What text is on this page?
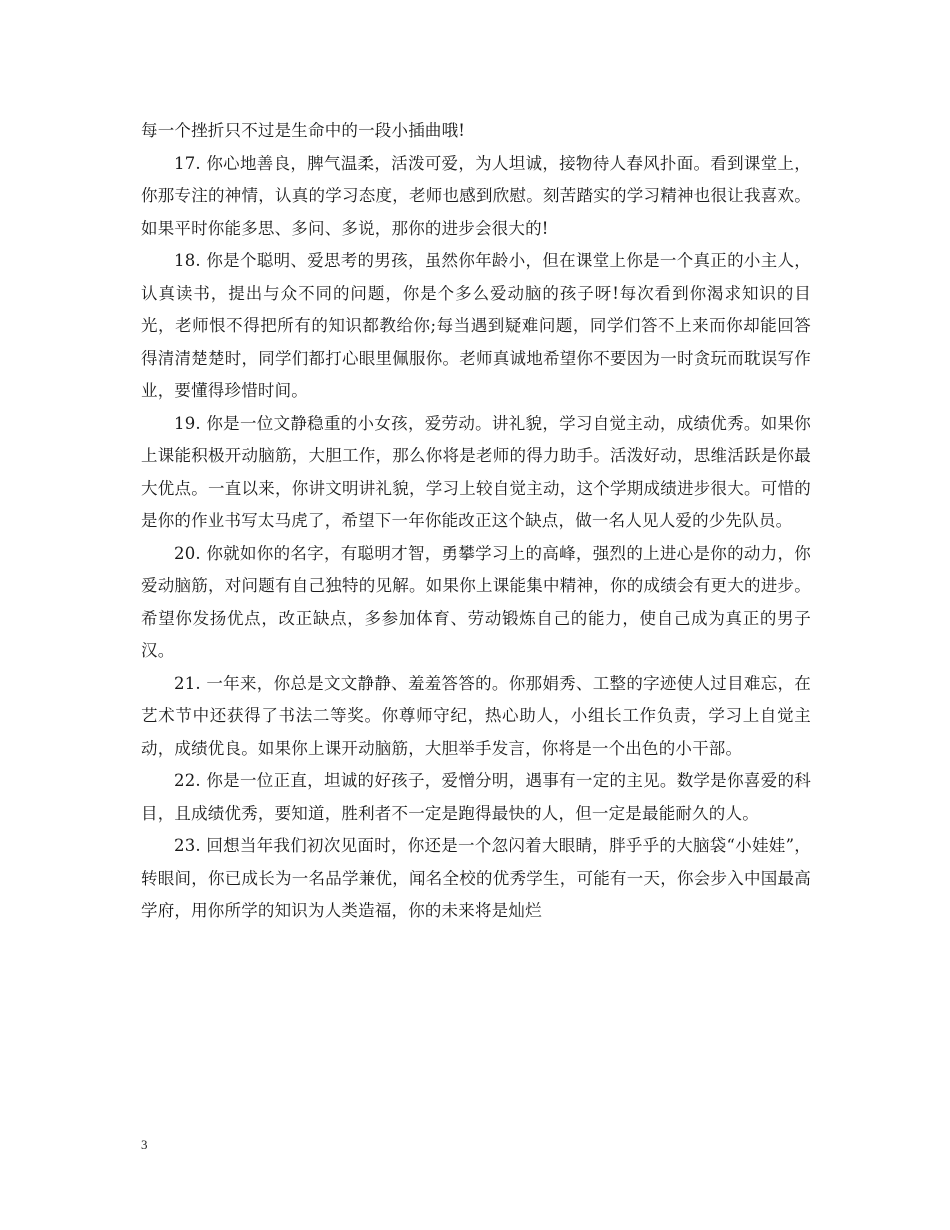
每一个挫折只不过是生命中的一段小插曲哦!

17. 你心地善良，脾气温柔，活泼可爱，为人坦诚，接物待人春风扑面。看到课堂上，你那专注的神情，认真的学习态度，老师也感到欣慰。刻苦踏实的学习精神也很让我喜欢。如果平时你能多思、多问、多说，那你的进步会很大的!

18. 你是个聪明、爱思考的男孩，虽然你年龄小，但在课堂上你是一个真正的小主人，认真读书，提出与众不同的问题，你是个多么爱动脑的孩子呀!每次看到你渴求知识的目光，老师恨不得把所有的知识都教给你;每当遇到疑难问题，同学们答不上来而你却能回答得清清楚楚时，同学们都打心眼里佩服你。老师真诚地希望你不要因为一时贪玩而耽误写作业，要懂得珍惜时间。

19. 你是一位文静稳重的小女孩，爱劳动。讲礼貌，学习自觉主动，成绩优秀。如果你上课能积极开动脑筋，大胆工作，那么你将是老师的得力助手。活泼好动，思维活跃是你最大优点。一直以来，你讲文明讲礼貌，学习上较自觉主动，这个学期成绩进步很大。可惜的是你的作业书写太马虎了，希望下一年你能改正这个缺点，做一名人见人爱的少先队员。

20. 你就如你的名字，有聪明才智，勇攀学习上的高峰，强烈的上进心是你的动力，你爱动脑筋，对问题有自己独特的见解。如果你上课能集中精神，你的成绩会有更大的进步。希望你发扬优点，改正缺点，多参加体育、劳动锻炼自己的能力，使自己成为真正的男子汉。

21. 一年来，你总是文文静静、羞羞答答的。你那娟秀、工整的字迹使人过目难忘，在艺术节中还获得了书法二等奖。你尊师守纪，热心助人，小组长工作负责，学习上自觉主动，成绩优良。如果你上课开动脑筋，大胆举手发言，你将是一个出色的小干部。

22. 你是一位正直，坦诚的好孩子，爱憎分明，遇事有一定的主见。数学是你喜爱的科目，且成绩优秀，要知道，胜利者不一定是跑得最快的人，但一定是最能耐久的人。

23. 回想当年我们初次见面时，你还是一个忽闪着大眼睛，胖乎乎的大脑袋“小娃娃”，转眼间，你已成长为一名品学兼优，闻名全校的优秀学生，可能有一天，你会步入中国最高学府，用你所学的知识为人类造福，你的未来将是灿烂

3
